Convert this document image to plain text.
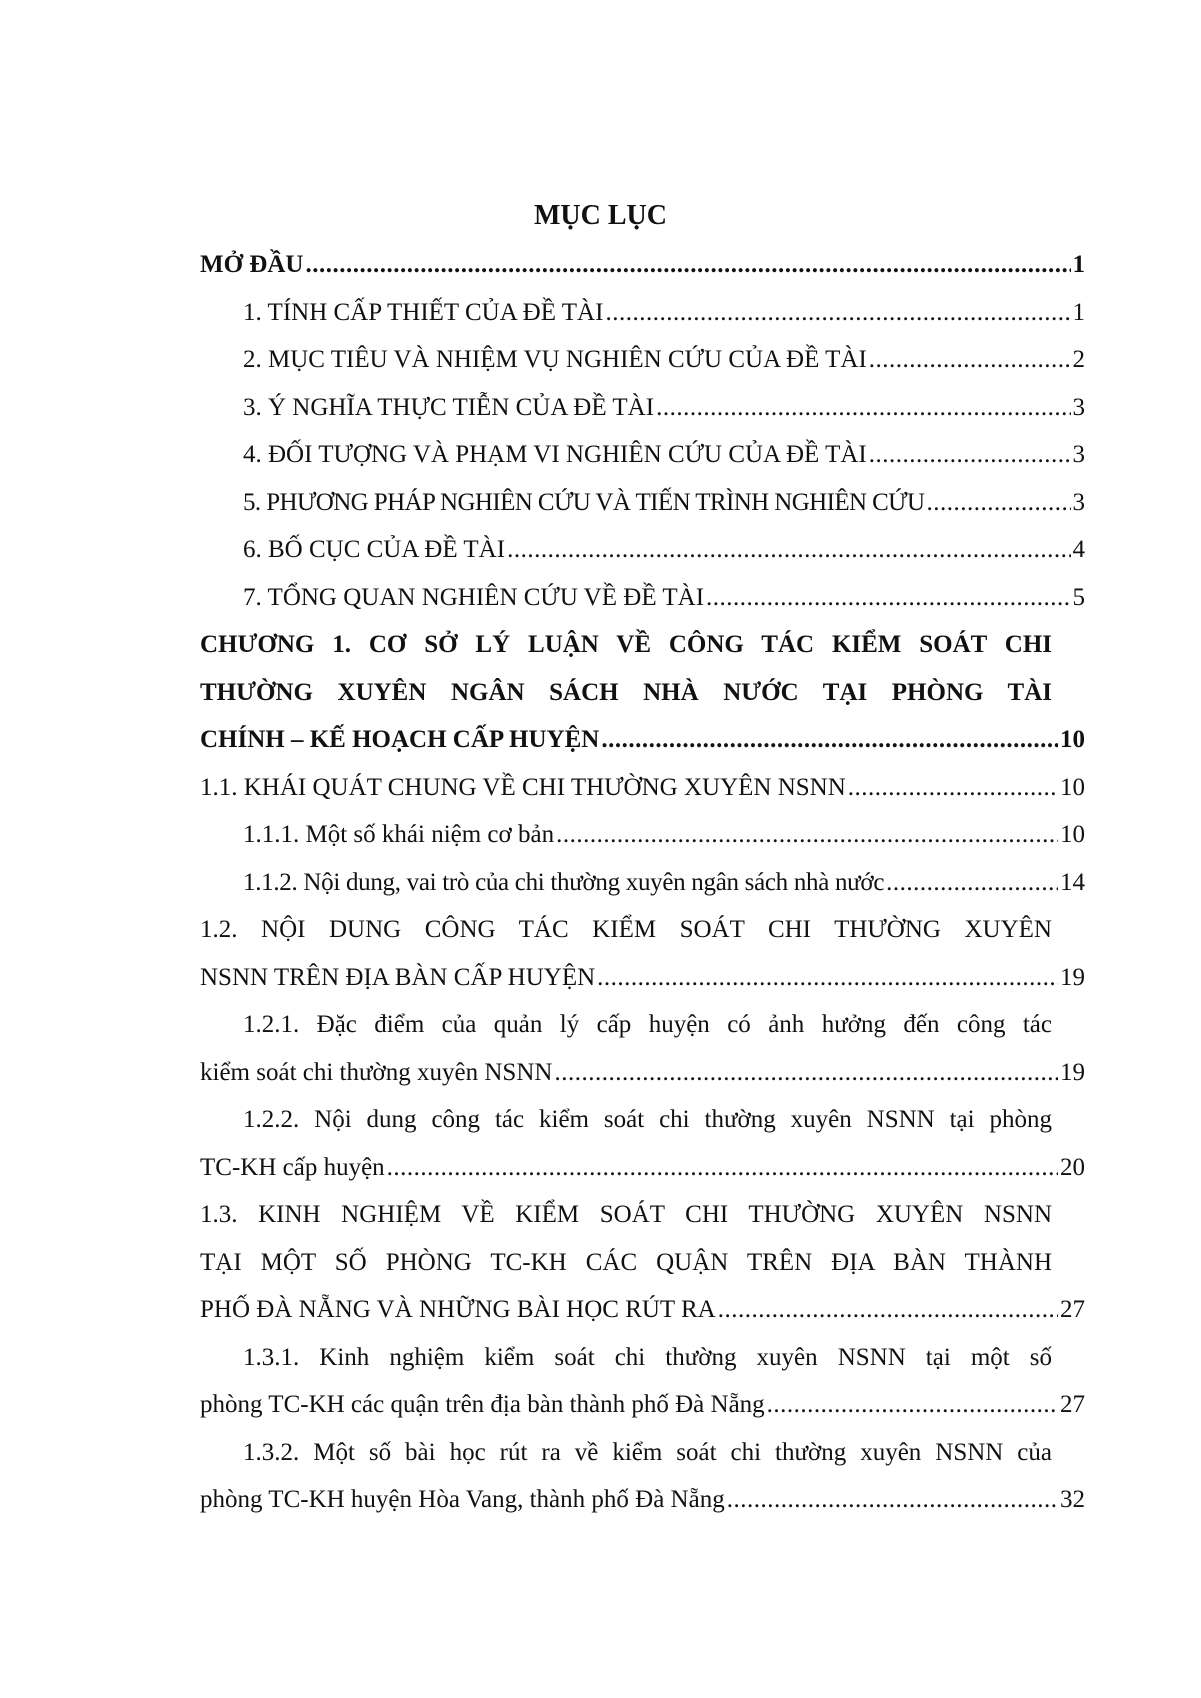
MỤC LỤC
MỞ ĐẦU .....	1
1. TÍNH CẤP THIẾT CỦA ĐỀ TÀI .....	1
2. MỤC TIÊU VÀ NHIỆM VỤ NGHIÊN CỨU CỦA ĐỀ TÀI .....	2
3. Ý NGHĨA THỰC TIỄN CỦA ĐỀ TÀI .....	3
4. ĐỐI TƯỢNG VÀ PHẠM VI NGHIÊN CỨU CỦA ĐỀ TÀI .....	3
5. PHƯƠNG PHÁP NGHIÊN CỨU VÀ TIẾN TRÌNH NGHIÊN CỨU .....	3
6. BỐ CỤC CỦA ĐỀ TÀI .....	4
7. TỔNG QUAN NGHIÊN CỨU VỀ ĐỀ TÀI .....	5
CHƯƠNG 1. CƠ SỞ LÝ LUẬN VỀ CÔNG TÁC KIỂM SOÁT CHI
THƯỜNG XUYÊN NGÂN SÁCH NHÀ NƯỚC TẠI PHÒNG TÀI
CHÍNH – KẾ HOẠCH CẤP HUYỆN .....	10
1.1. KHÁI QUÁT CHUNG VỀ CHI THƯỜNG XUYÊN NSNN .....	10
1.1.1. Một số khái niệm cơ bản .....	10
1.1.2. Nội dung, vai trò của chi thường xuyên ngân sách nhà nước .....	14
1.2. NỘI DUNG CÔNG TÁC KIỂM SOÁT CHI THƯỜNG XUYÊN
NSNN TRÊN ĐỊA BÀN CẤP HUYỆN .....	19
1.2.1. Đặc điểm của quản lý cấp huyện có ảnh hưởng đến công tác
kiểm soát chi thường xuyên NSNN .....	19
1.2.2. Nội dung công tác kiểm soát chi thường xuyên NSNN tại phòng
TC-KH cấp huyện .....	20
1.3. KINH NGHIỆM VỀ KIỂM SOÁT CHI THƯỜNG XUYÊN NSNN
TẠI MỘT SỐ PHÒNG TC-KH CÁC QUẬN TRÊN ĐỊA BÀN THÀNH
PHỐ ĐÀ NẴNG VÀ NHỮNG BÀI HỌC RÚT RA .....	27
1.3.1. Kinh nghiệm kiểm soát chi thường xuyên NSNN tại một số
phòng TC-KH các quận trên địa bàn thành phố Đà Nẵng .....	27
1.3.2. Một số bài học rút ra về kiểm soát chi thường xuyên NSNN của
phòng TC-KH huyện Hòa Vang, thành phố Đà Nẵng .....	32
